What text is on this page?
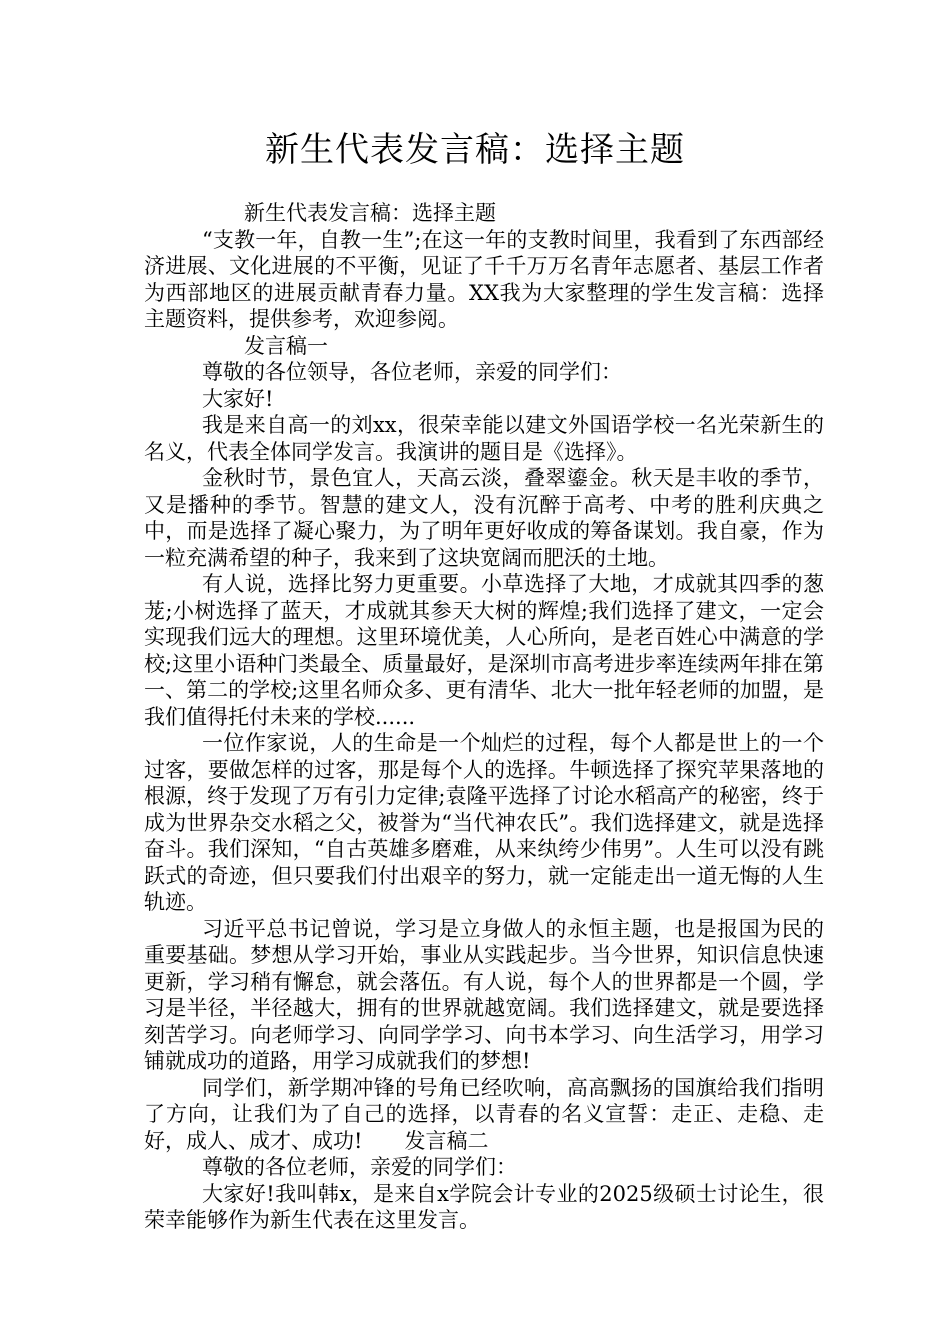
新生代表发言稿：选择主题

新生代表发言稿：选择主题

“支教一年，自教一生”;在这一年的支教时间里，我看到了东西部经济进展、文化进展的不平衡，见证了千千万万名青年志愿者、基层工作者为西部地区的进展贡献青春力量。XX我为大家整理的学生发言稿：选择主题资料，提供参考，欢迎参阅。

发言稿一

尊敬的各位领导，各位老师，亲爱的同学们：

大家好!

我是来自高一的刘xx，很荣幸能以建文外国语学校一名光荣新生的名义，代表全体同学发言。我演讲的题目是《选择》。

金秋时节，景色宜人，天高云淡，叠翠鎏金。秋天是丰收的季节，又是播种的季节。智慧的建文人，没有沉醉于高考、中考的胜利庆典之中，而是选择了凝心聚力，为了明年更好收成的筹备谋划。我自豪，作为一粒充满希望的种子，我来到了这块宽阔而肥沃的土地。

有人说，选择比努力更重要。小草选择了大地，才成就其四季的葱茏;小树选择了蓝天，才成就其参天大树的辉煌;我们选择了建文，一定会实现我们远大的理想。这里环境优美，人心所向，是老百姓心中满意的学校;这里小语种门类最全、质量最好，是深圳市高考进步率连续两年排在第一、第二的学校;这里名师众多、更有清华、北大一批年轻老师的加盟，是我们值得托付未来的学校......

一位作家说，人的生命是一个灿烂的过程，每个人都是世上的一个过客，要做怎样的过客，那是每个人的选择。牛顿选择了探究苹果落地的根源，终于发现了万有引力定律;袁隆平选择了讨论水稻高产的秘密，终于成为世界杂交水稻之父，被誉为“当代神农氏”。我们选择建文，就是选择奋斗。我们深知，“自古英雄多磨难，从来纨绔少伟男”。人生可以没有跳跃式的奇迹，但只要我们付出艰辛的努力，就一定能走出一道无悔的人生轨迹。

习近平总书记曾说，学习是立身做人的永恒主题，也是报国为民的重要基础。梦想从学习开始，事业从实践起步。当今世界，知识信息快速更新，学习稍有懈怠，就会落伍。有人说，每个人的世界都是一个圆，学习是半径，半径越大，拥有的世界就越宽阔。我们选择建文，就是要选择刻苦学习。向老师学习、向同学学习、向书本学习、向生活学习，用学习铺就成功的道路，用学习成就我们的梦想!

同学们，新学期冲锋的号角已经吹响，高高飘扬的国旗给我们指明了方向，让我们为了自己的选择，以青春的名义宣誓：走正、走稳、走好，成人、成才、成功!　　发言稿二

尊敬的各位老师，亲爱的同学们：

大家好!我叫韩x，是来自x学院会计专业的2025级硕士讨论生，很荣幸能够作为新生代表在这里发言。
